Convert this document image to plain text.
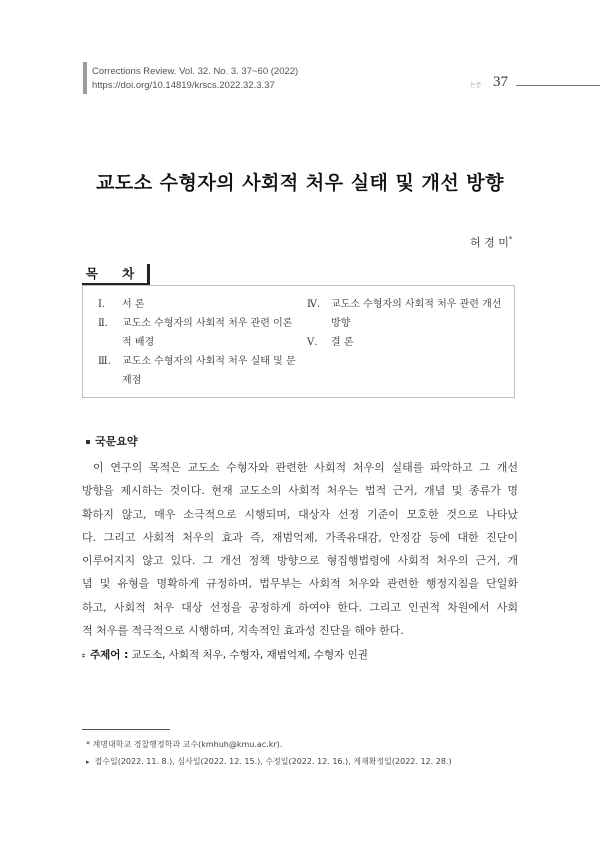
Corrections Review. Vol. 32. No. 3. 37~60 (2022)
https://doi.org/10.14819/krscs.2022.32.3.37	논문 37
교도소 수형자의 사회적 처우 실태 및 개선 방향
허 경 미*
목 차
Ⅰ. 서 론
Ⅱ. 교도소 수형자의 사회적 처우 관련 이론적 배경
Ⅲ. 교도소 수형자의 사회적 처우 실태 및 문제점
Ⅳ. 교도소 수형자의 사회적 처우 관련 개선 방향
Ⅴ. 결 론
국문요약
이 연구의 목적은 교도소 수형자와 관련한 사회적 처우의 실태를 파악하고 그 개선
방향을 제시하는 것이다. 현재 교도소의 사회적 처우는 법적 근거, 개념 및 종류가 명
확하지 않고, 매우 소극적으로 시행되며, 대상자 선정 기준이 모호한 것으로 나타났
다. 그리고 사회적 처우의 효과 즉, 재범억제, 가족유대감, 안정감 등에 대한 진단이
이루어지지 않고 있다. 그 개선 정책 방향으로 형집행법령에 사회적 처우의 근거, 개
념 및 유형을 명확하게 규정하며, 법무부는 사회적 처우와 관련한 행정지침을 단일화
하고, 사회적 처우 대상 선정을 공정하게 하여야 한다. 그리고 인권적 차원에서 사회
적 처우를 적극적으로 시행하며, 지속적인 효과성 진단을 해야 한다.
⸗ 주제어 : 교도소, 사회적 처우, 수형자, 재범억제, 수형자 인권
* 계명대학교 경찰행정학과 교수(kmhuh@kmu.ac.kr).
▸ 접수일(2022. 11. 8.), 심사일(2022. 12. 15.), 수정일(2022. 12. 16.), 게재확정일(2022. 12. 28.)
